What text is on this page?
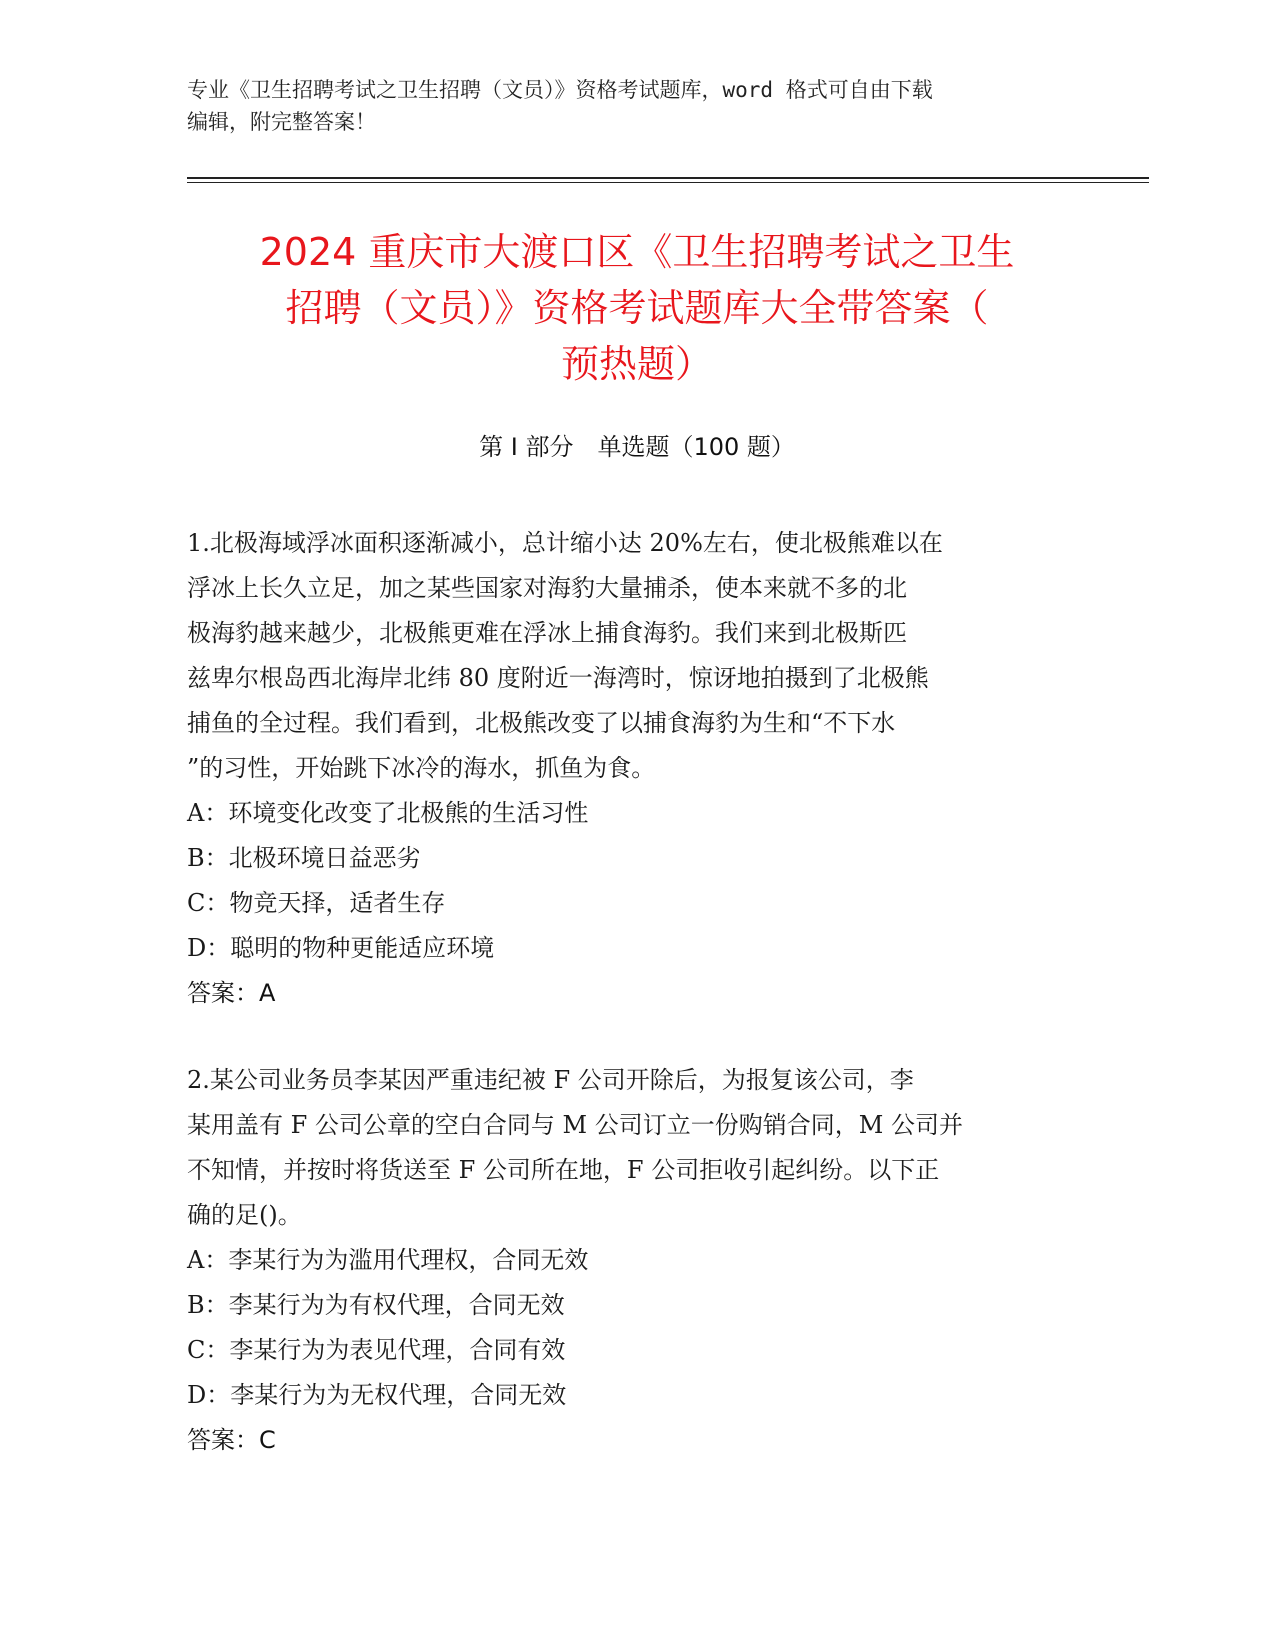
专业《卫生招聘考试之卫生招聘（文员）》资格考试题库，word 格式可自由下载
编辑，附完整答案！
2024 重庆市大渡口区《卫生招聘考试之卫生
招聘（文员）》资格考试题库大全带答案（
预热题）
第 I 部分　单选题（100 题）
1.北极海域浮冰面积逐渐减小，总计缩小达 20%左右，使北极熊难以在
浮冰上长久立足，加之某些国家对海豹大量捕杀，使本来就不多的北
极海豹越来越少，北极熊更难在浮冰上捕食海豹。我们来到北极斯匹
兹卑尔根岛西北海岸北纬 80 度附近一海湾时，惊讶地拍摄到了北极熊
捕鱼的全过程。我们看到，北极熊改变了以捕食海豹为生和“不下水
”的习性，开始跳下冰冷的海水，抓鱼为食。
A：环境变化改变了北极熊的生活习性
B：北极环境日益恶劣
C：物竞天择，适者生存
D：聪明的物种更能适应环境
答案：A
2.某公司业务员李某因严重违纪被 F 公司开除后，为报复该公司，李
某用盖有 F 公司公章的空白合同与 M 公司订立一份购销合同，M 公司并
不知情，并按时将货送至 F 公司所在地，F 公司拒收引起纠纷。以下正
确的足()。
A：李某行为为滥用代理权，合同无效
B：李某行为为有权代理，合同无效
C：李某行为为表见代理，合同有效
D：李某行为为无权代理，合同无效
答案：C
